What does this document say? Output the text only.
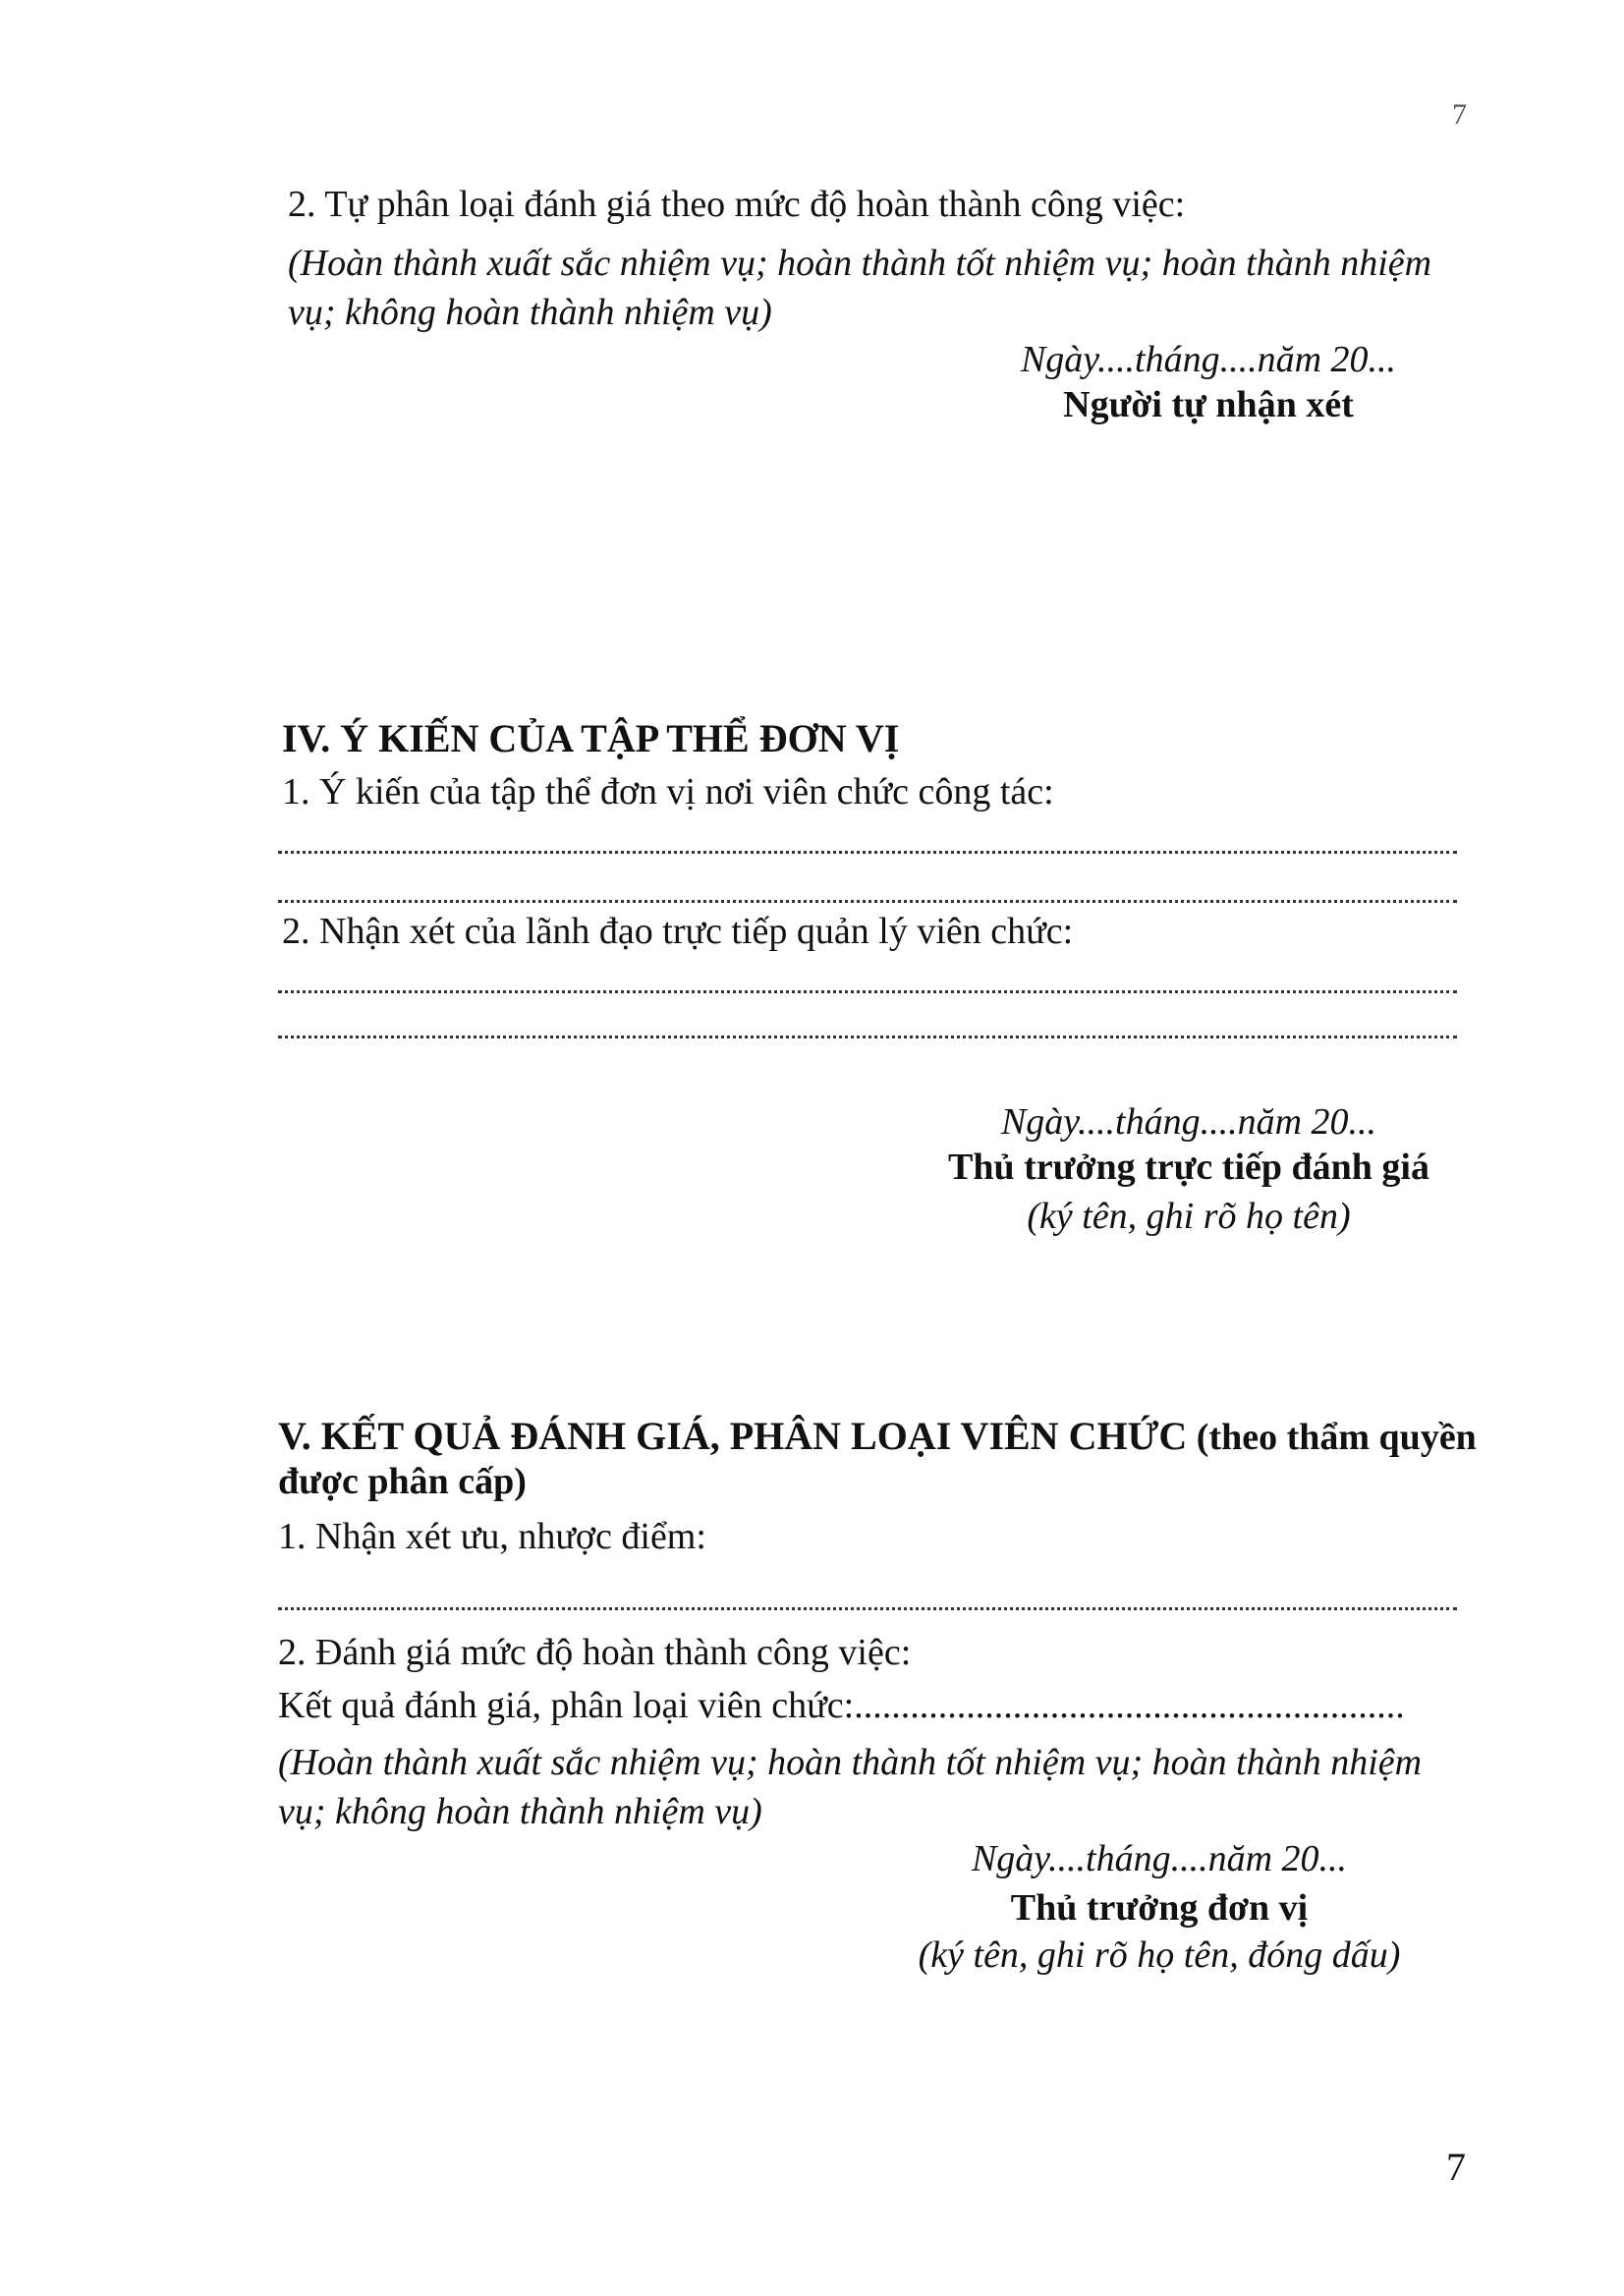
7
2. Tự phân loại đánh giá theo mức độ hoàn thành công việc:
(Hoàn thành xuất sắc nhiệm vụ; hoàn thành tốt nhiệm vụ; hoàn thành nhiệm
vụ; không hoàn thành nhiệm vụ)
Ngày....tháng....năm 20...
Người tự nhận xét
IV. Ý KIẾN CỦA TẬP THỂ ĐƠN VỊ
1. Ý kiến của tập thể đơn vị nơi viên chức công tác:
2. Nhận xét của lãnh đạo trực tiếp quản lý viên chức:
Ngày....tháng....năm 20...
Thủ trưởng trực tiếp đánh giá
(ký tên, ghi rõ họ tên)
V. KẾT QUẢ ĐÁNH GIÁ, PHÂN LOẠI VIÊN CHỨC (theo thẩm quyền
được phân cấp)
1. Nhận xét ưu, nhược điểm:
2. Đánh giá mức độ hoàn thành công việc:
Kết quả đánh giá, phân loại viên chức:...........................................................
(Hoàn thành xuất sắc nhiệm vụ; hoàn thành tốt nhiệm vụ; hoàn thành nhiệm
vụ; không hoàn thành nhiệm vụ)
Ngày....tháng....năm 20...
Thủ trưởng đơn vị
(ký tên, ghi rõ họ tên, đóng dấu)
7
